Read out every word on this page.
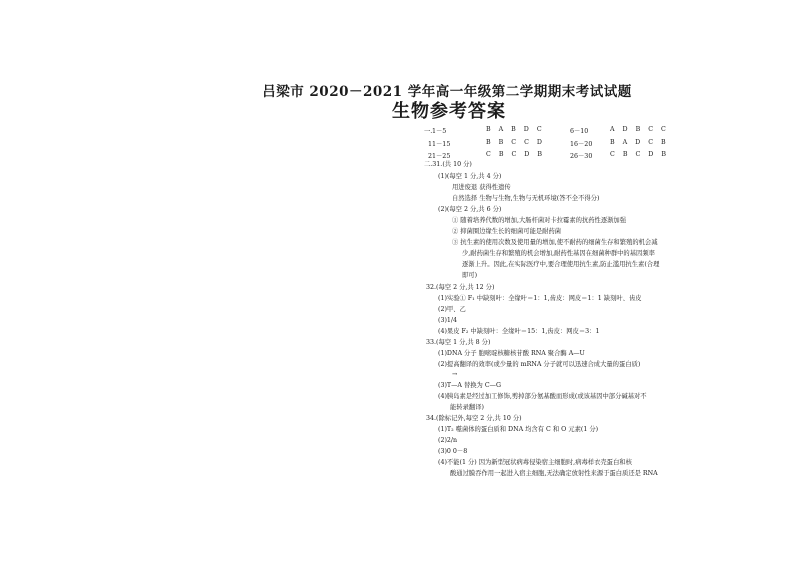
吕梁市 2020－2021 学年高一年级第二学期期末考试试题
生物参考答案
一. 1－5	B A B D C	6－10	A D B C C
11－15	B B C C D	16－20	B A D C B
21－25	C B C D B	26－30	C B C D B
二.31.(共 10 分)
(1)(每空 1 分,共 4 分)
用进废退 获得性遗传
自然选择 生物与生物,生物与无机环境(答不全不得分)
(2)(每空 2 分,共 6 分)
① 随着培养代数的增加,大肠杆菌对卡拉霉素的抗药性逐渐加强
② 抑菌圈边缘生长的细菌可能是耐药菌
③ 抗生素的使用次数及使用量的增加,使不耐药的细菌生存和繁殖的机会减
少,耐药菌生存和繁殖的机会增加,耐药性基因在细菌种群中的基因频率
逐渐上升。因此,在实际医疗中,要合理使用抗生素,防止滥用抗生素(合理
即可)
32.(每空 2 分,共 12 分)
(1)实验① F₁ 中缺刻叶：全缘叶＝1：1,齿皮：网皮＝1：1 缺刻叶、齿皮
(2)甲、乙
(3)1/4
(4)果皮 F₂ 中缺刻叶：全缘叶＝15：1,齿皮：网皮＝3：1
33.(每空 1 分,共 8 分)
(1)DNA 分子 胞嘧啶核糖核苷酸 RNA 聚合酶 A—U
(2)提高翻译的效率(或少量的 mRNA 分子就可以迅速合成大量的蛋白质)
→
(3)T—A 替换为 C—G
(4)胰岛素是经过加工修饰,剪掉部分氨基酸而形成(或该基因中部分碱基对不
能转录翻译)
34.(除标记外,每空 2 分,共 10 分)
(1)T₂ 噬菌体的蛋白质和 DNA 均含有 C 和 O 元素(1 分)
(2)2/n
(3)0 0－8
(4)不能(1 分) 因为新型冠状病毒侵染宿主细胞时,病毒样衣壳蛋白和核
酸通过膜吞作用一起进入宿主细胞,无法确定放射性来源于蛋白质还是 RNA
